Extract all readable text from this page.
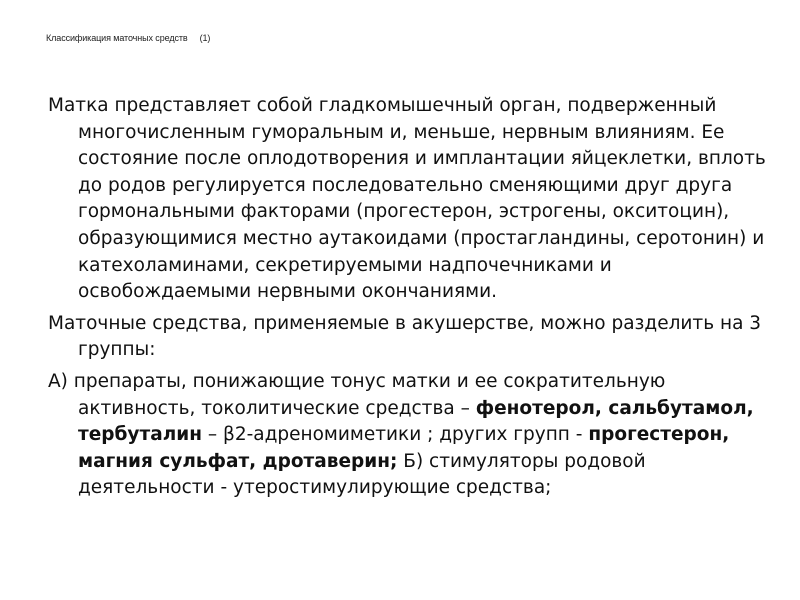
Классификация маточных средств     (1)

Матка представляет собой гладкомышечный орган, подверженный многочисленным гуморальным и, меньше, нервным влияниям. Ее состояние после оплодотворения и имплантации яйцеклетки, вплоть до родов регулируется последовательно сменяющими друг друга гормональными факторами (прогестерон, эстрогены, окситоцин), образующимися местно аутакоидами (простагландины, серотонин) и катехоламинами, секретируемыми надпочечниками и освобождаемыми нервными окончаниями.

Маточные средства, применяемые в акушерстве, можно разделить на 3 группы:

А) препараты, понижающие тонус матки и ее сократительную активность, токолитические средства – фенотерол, сальбутамол, тербуталин – β2-адреномиметики ; других групп - прогестерон, магния сульфат, дротаверин; Б) стимуляторы родовой деятельности - утеростимулирующие средства;
